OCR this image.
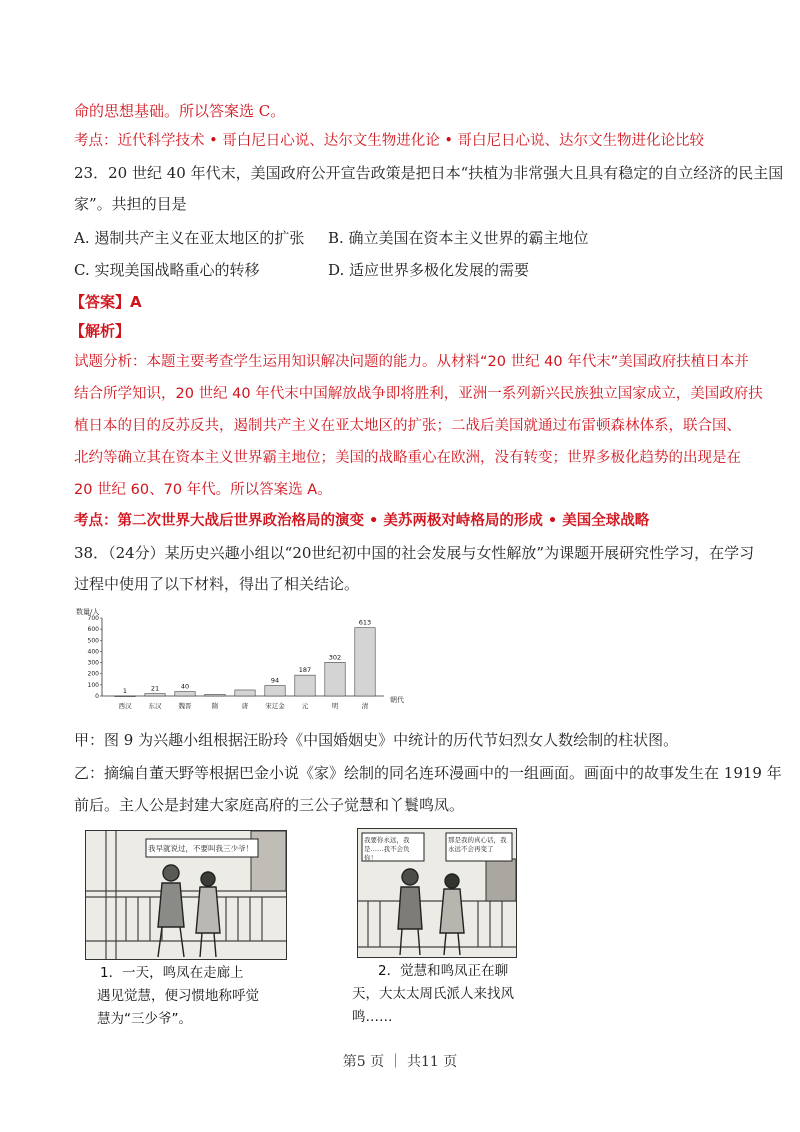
命的思想基础。所以答案选 C。
考点：近代科学技术 • 哥白尼日心说、达尔文生物进化论 • 哥白尼日心说、达尔文生物进化论比较
23．20 世纪 40 年代末，美国政府公开宣告政策是把日本“扶植为非常强大且具有稳定的自立经济的民主国
家”。共担的目是
A. 遏制共产主义在亚太地区的扩张 B. 确立美国在资本主义世界的霸主地位
C. 实现美国战略重心的转移	D. 适应世界多极化发展的需要
【答案】A
【解析】
试题分析：本题主要考查学生运用知识解决问题的能力。从材料“20 世纪 40 年代末”美国政府扶植日本并
结合所学知识，20 世纪 40 年代末中国解放战争即将胜利，亚洲一系列新兴民族独立国家成立，美国政府扶
植日本的目的反苏反共，遏制共产主义在亚太地区的扩张；二战后美国就通过布雷顿森林体系，联合国、
北约等确立其在资本主义世界霸主地位；美国的战略重心在欧洲，没有转变；世界多极化趋势的出现是在
20 世纪 60、70 年代。所以答案选 A。
考点：第二次世界大战后世界政治格局的演变 • 美苏两极对峙格局的形成 • 美国全球战略
38．（24分）某历史兴趣小组以“20世纪初中国的社会发展与女性解放”为课题开展研究性学习，在学习
过程中使用了以下材料，得出了相关结论。
数量/人
朝代
0
100
200
300
400
500
600
700
1
西汉
21
东汉
40
魏晋	隋	唐
94
宋辽金
187
元
302
明
613
清
甲：图 9 为兴趣小组根据汪盼玲《中国婚姻史》中统计的历代节妇烈女人数绘制的柱状图。
乙：摘编自董天野等根据巴金小说《家》绘制的同名连环漫画中的一组画面。画面中的故事发生在 1919 年
前后。主人公是封建大家庭高府的三公子觉慧和丫鬟鸣凤。
我早就说过，不要叫我三少爷！
1．一天，鸣凤在走廊上
遇见觉慧，便习惯地称呼觉
慧为“三少爷”。
我要你永远，我是……我不会负你！
那是我的真心话，我永远不会再变了
2．觉慧和鸣凤正在聊
天，大太太周氏派人来找风
鸣……
第5 页 ｜ 共11 页
